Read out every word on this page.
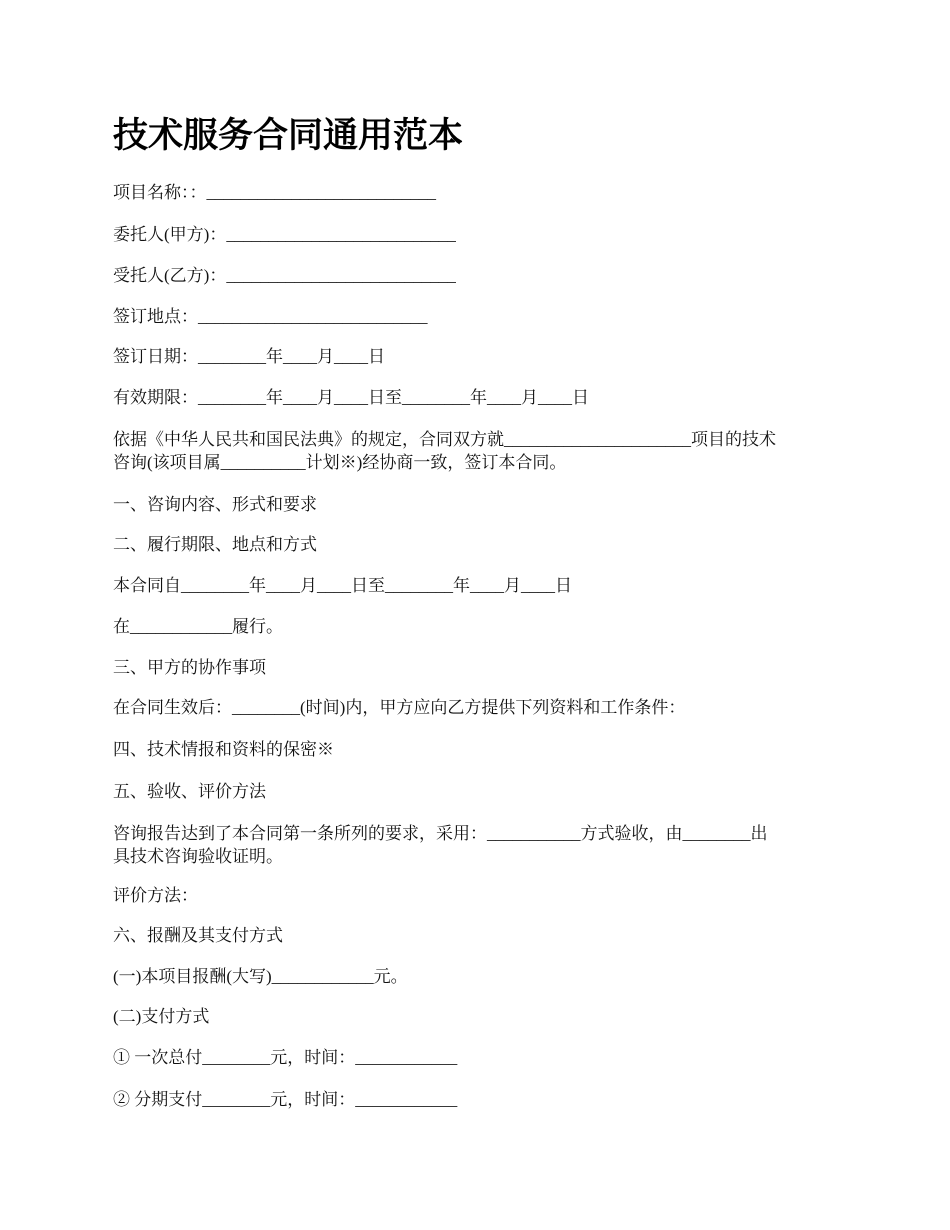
技术服务合同通用范本

项目名称：：___________________________

委托人(甲方)：___________________________

受托人(乙方)：___________________________

签订地点：___________________________

签订日期：________年____月____日

有效期限：________年____月____日至________年____月____日

依据《中华人民共和国民法典》的规定，合同双方就______________________项目的技术
咨询(该项目属__________计划※)经协商一致，签订本合同。

一、咨询内容、形式和要求

二、履行期限、地点和方式

本合同自________年____月____日至________年____月____日

在____________履行。

三、甲方的协作事项

在合同生效后：________(时间)内，甲方应向乙方提供下列资料和工作条件：

四、技术情报和资料的保密※

五、验收、评价方法

咨询报告达到了本合同第一条所列的要求，采用：___________方式验收，由________出
具技术咨询验收证明。

评价方法：

六、报酬及其支付方式

(一)本项目报酬(大写)____________元。

(二)支付方式

① 一次总付________元，时间：____________

② 分期支付________元，时间：____________
